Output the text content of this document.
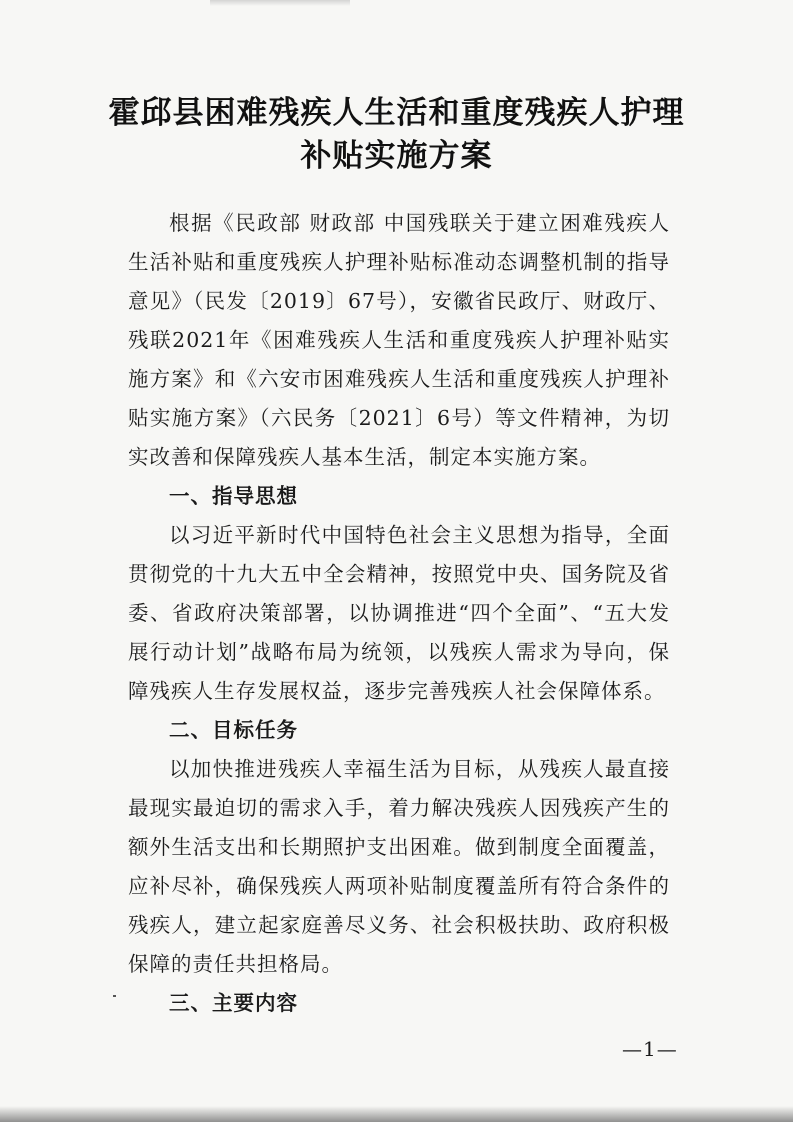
霍邱县困难残疾人生活和重度残疾人护理
补贴实施方案

根据《民政部 财政部 中国残联关于建立困难残疾人生活补贴和重度残疾人护理补贴标准动态调整机制的指导意见》（民发〔2019〕67号），安徽省民政厅、财政厅、残联2021年《困难残疾人生活和重度残疾人护理补贴实施方案》和《六安市困难残疾人生活和重度残疾人护理补贴实施方案》（六民务〔2021〕6号）等文件精神，为切实改善和保障残疾人基本生活，制定本实施方案。

一、指导思想

以习近平新时代中国特色社会主义思想为指导，全面贯彻党的十九大五中全会精神，按照党中央、国务院及省委、省政府决策部署，以协调推进“四个全面”、“五大发展行动计划”战略布局为统领，以残疾人需求为导向，保障残疾人生存发展权益，逐步完善残疾人社会保障体系。

二、目标任务

以加快推进残疾人幸福生活为目标，从残疾人最直接最现实最迫切的需求入手，着力解决残疾人因残疾产生的额外生活支出和长期照护支出困难。做到制度全面覆盖，应补尽补，确保残疾人两项补贴制度覆盖所有符合条件的残疾人，建立起家庭善尽义务、社会积极扶助、政府积极保障的责任共担格局。

三、主要内容

—1—
